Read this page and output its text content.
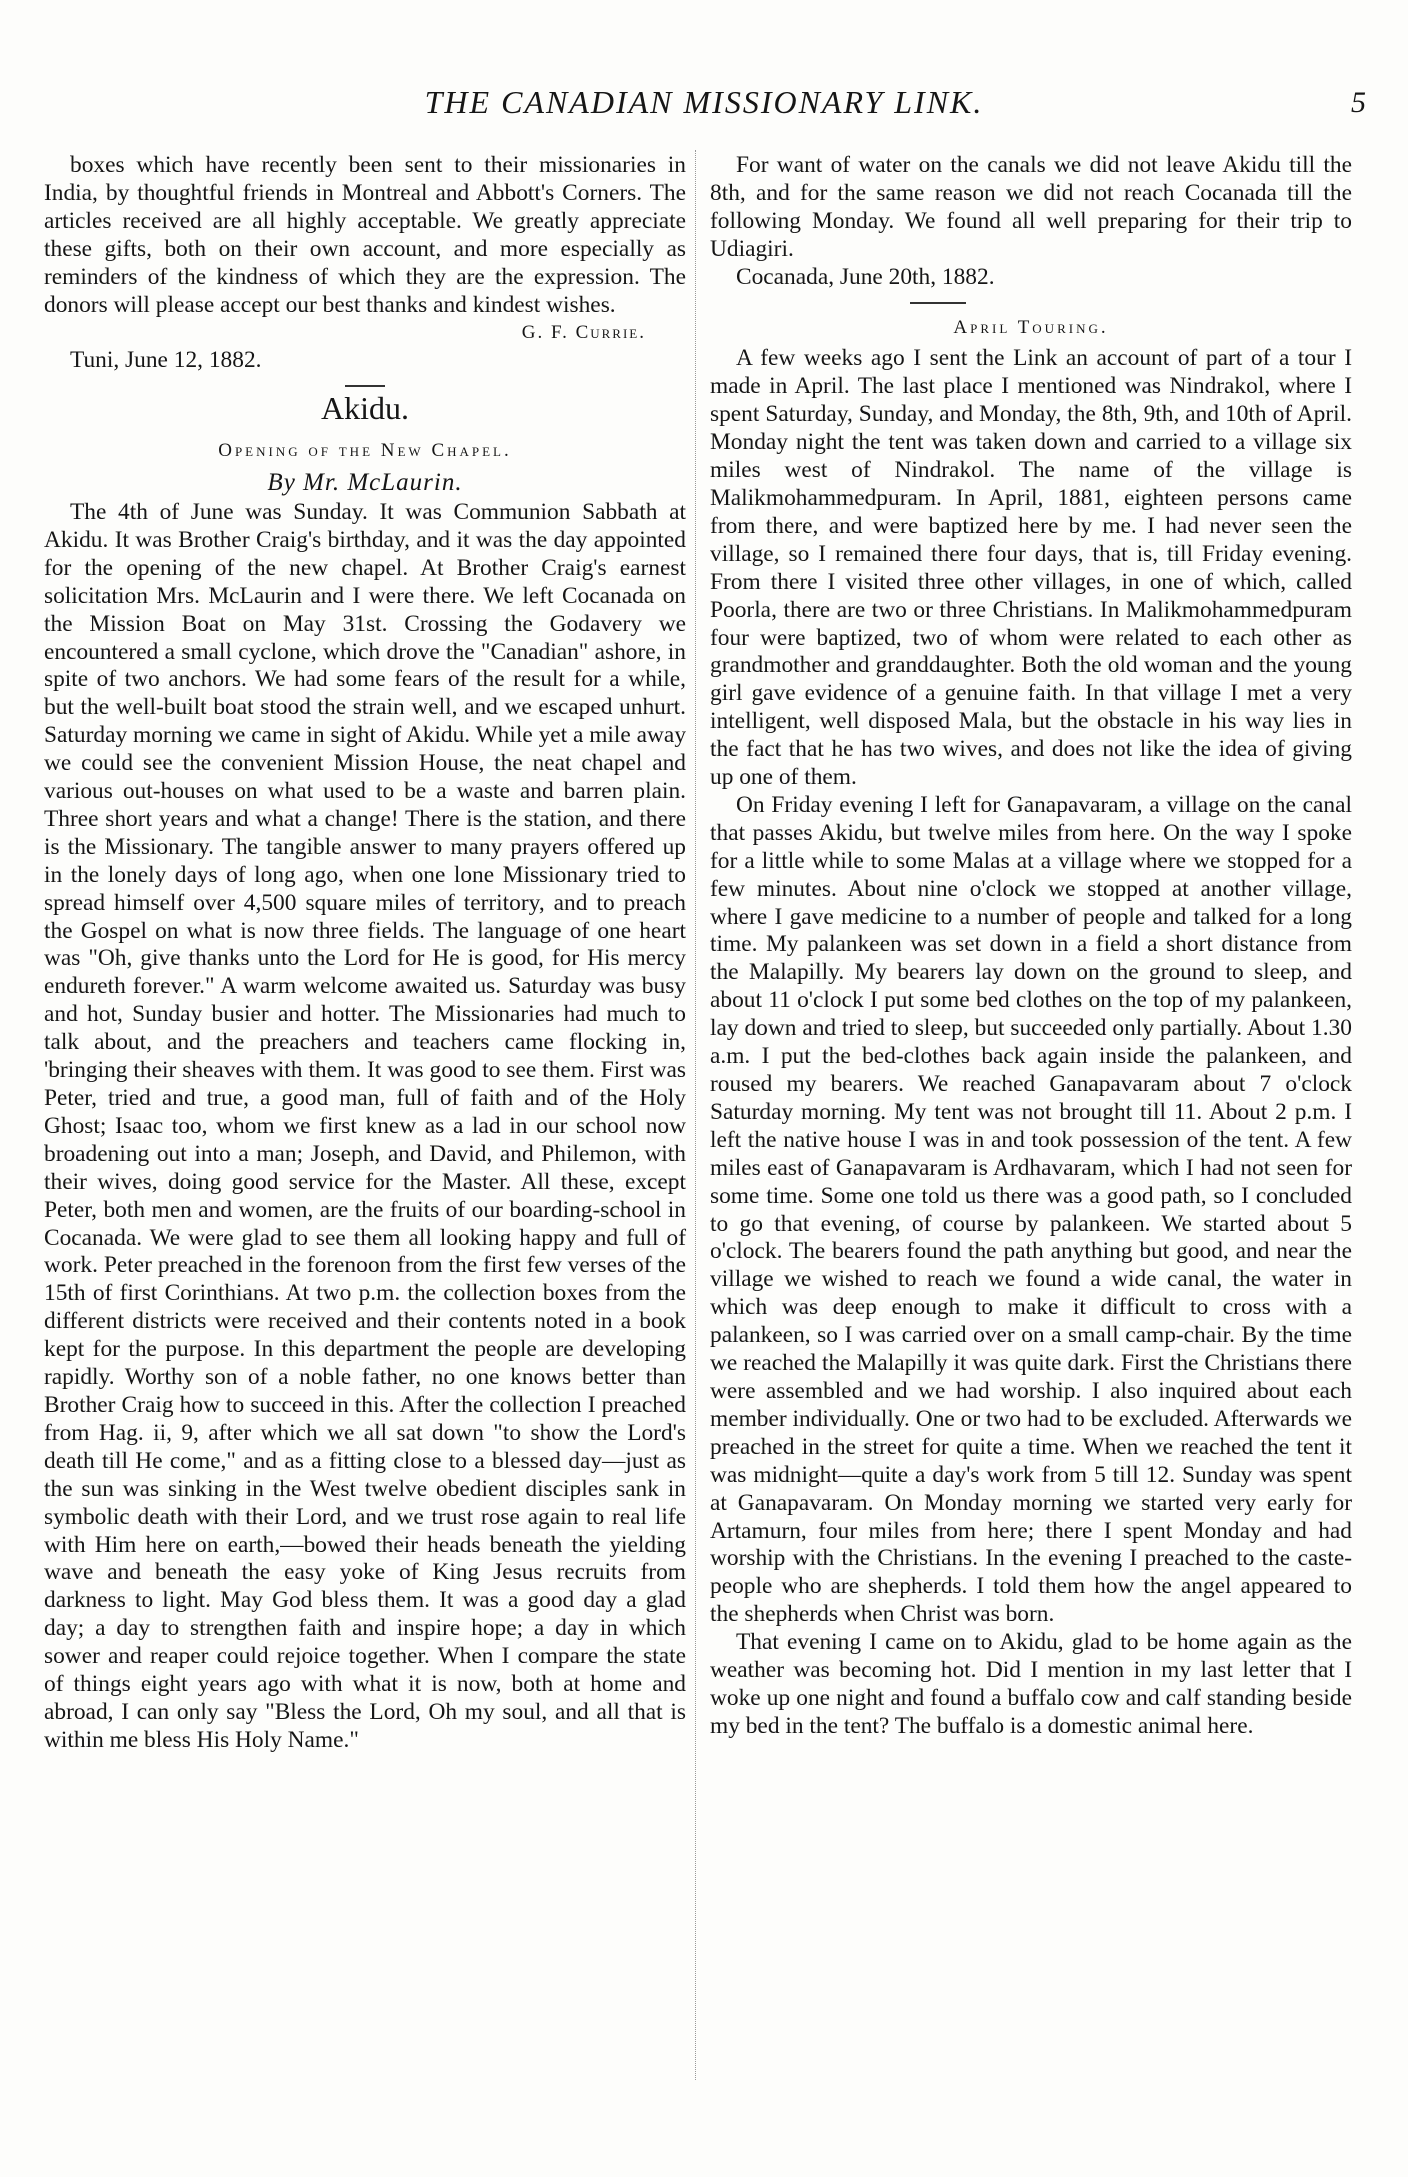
THE CANADIAN MISSIONARY LINK.	5

boxes which have recently been sent to their missionaries in India, by thoughtful friends in Montreal and Abbott's Corners. The articles received are all highly acceptable. We greatly appreciate these gifts, both on their own account, and more especially as reminders of the kindness of which they are the expression. The donors will please accept our best thanks and kindest wishes.

G. F. Currie.

Tuni, June 12, 1882.

Akidu.
Opening of the New Chapel.
By Mr. McLaurin.

The 4th of June was Sunday. It was Communion Sabbath at Akidu. It was Brother Craig's birthday, and it was the day appointed for the opening of the new chapel. At Brother Craig's earnest solicitation Mrs. McLaurin and I were there. We left Cocanada on the Mission Boat on May 31st. Crossing the Godavery we encountered a small cyclone, which drove the "Canadian" ashore, in spite of two anchors. We had some fears of the result for a while, but the well-built boat stood the strain well, and we escaped unhurt. Saturday morning we came in sight of Akidu. While yet a mile away we could see the convenient Mission House, the neat chapel and various out-houses on what used to be a waste and barren plain. Three short years and what a change! There is the station, and there is the Missionary. The tangible answer to many prayers offered up in the lonely days of long ago, when one lone Missionary tried to spread himself over 4,500 square miles of territory, and to preach the Gospel on what is now three fields. The language of one heart was "Oh, give thanks unto the Lord for He is good, for His mercy endureth forever." A warm welcome awaited us. Saturday was busy and hot, Sunday busier and hotter. The Missionaries had much to talk about, and the preachers and teachers came flocking in, 'bringing their sheaves with them. It was good to see them. First was Peter, tried and true, a good man, full of faith and of the Holy Ghost; Isaac too, whom we first knew as a lad in our school now broadening out into a man; Joseph, and David, and Philemon, with their wives, doing good service for the Master. All these, except Peter, both men and women, are the fruits of our boarding-school in Cocanada. We were glad to see them all looking happy and full of work. Peter preached in the forenoon from the first few verses of the 15th of first Corinthians. At two p.m. the collection boxes from the different districts were received and their contents noted in a book kept for the purpose. In this department the people are developing rapidly. Worthy son of a noble father, no one knows better than Brother Craig how to succeed in this. After the collection I preached from Hag. ii, 9, after which we all sat down "to show the Lord's death till He come," and as a fitting close to a blessed day—just as the sun was sinking in the West twelve obedient disciples sank in symbolic death with their Lord, and we trust rose again to real life with Him here on earth,—bowed their heads beneath the yielding wave and beneath the easy yoke of King Jesus recruits from darkness to light. May God bless them. It was a good day a glad day; a day to strengthen faith and inspire hope; a day in which sower and reaper could rejoice together. When I compare the state of things eight years ago with what it is now, both at home and abroad, I can only say "Bless the Lord, Oh my soul, and all that is within me bless His Holy Name."

For want of water on the canals we did not leave Akidu till the 8th, and for the same reason we did not reach Cocanada till the following Monday. We found all well preparing for their trip to Udiagiri.

Cocanada, June 20th, 1882.

April Touring.

A few weeks ago I sent the Link an account of part of a tour I made in April. The last place I mentioned was Nindrakol, where I spent Saturday, Sunday, and Monday, the 8th, 9th, and 10th of April. Monday night the tent was taken down and carried to a village six miles west of Nindrakol. The name of the village is Malikmohammedpuram. In April, 1881, eighteen persons came from there, and were baptized here by me. I had never seen the village, so I remained there four days, that is, till Friday evening. From there I visited three other villages, in one of which, called Poorla, there are two or three Christians. In Malikmohammedpuram four were baptized, two of whom were related to each other as grandmother and granddaughter. Both the old woman and the young girl gave evidence of a genuine faith. In that village I met a very intelligent, well disposed Mala, but the obstacle in his way lies in the fact that he has two wives, and does not like the idea of giving up one of them.

On Friday evening I left for Ganapavaram, a village on the canal that passes Akidu, but twelve miles from here. On the way I spoke for a little while to some Malas at a village where we stopped for a few minutes. About nine o'clock we stopped at another village, where I gave medicine to a number of people and talked for a long time. My palankeen was set down in a field a short distance from the Malapilly. My bearers lay down on the ground to sleep, and about 11 o'clock I put some bed clothes on the top of my palankeen, lay down and tried to sleep, but succeeded only partially. About 1.30 a.m. I put the bed-clothes back again inside the palankeen, and roused my bearers. We reached Ganapavaram about 7 o'clock Saturday morning. My tent was not brought till 11. About 2 p.m. I left the native house I was in and took possession of the tent. A few miles east of Ganapavaram is Ardhavaram, which I had not seen for some time. Some one told us there was a good path, so I concluded to go that evening, of course by palankeen. We started about 5 o'clock. The bearers found the path anything but good, and near the village we wished to reach we found a wide canal, the water in which was deep enough to make it difficult to cross with a palankeen, so I was carried over on a small camp-chair. By the time we reached the Malapilly it was quite dark. First the Christians there were assembled and we had worship. I also inquired about each member individually. One or two had to be excluded. Afterwards we preached in the street for quite a time. When we reached the tent it was midnight—quite a day's work from 5 till 12. Sunday was spent at Ganapavaram. On Monday morning we started very early for Artamurn, four miles from here; there I spent Monday and had worship with the Christians. In the evening I preached to the caste-people who are shepherds. I told them how the angel appeared to the shepherds when Christ was born.

That evening I came on to Akidu, glad to be home again as the weather was becoming hot. Did I mention in my last letter that I woke up one night and found a buffalo cow and calf standing beside my bed in the tent? The buffalo is a domestic animal here.
